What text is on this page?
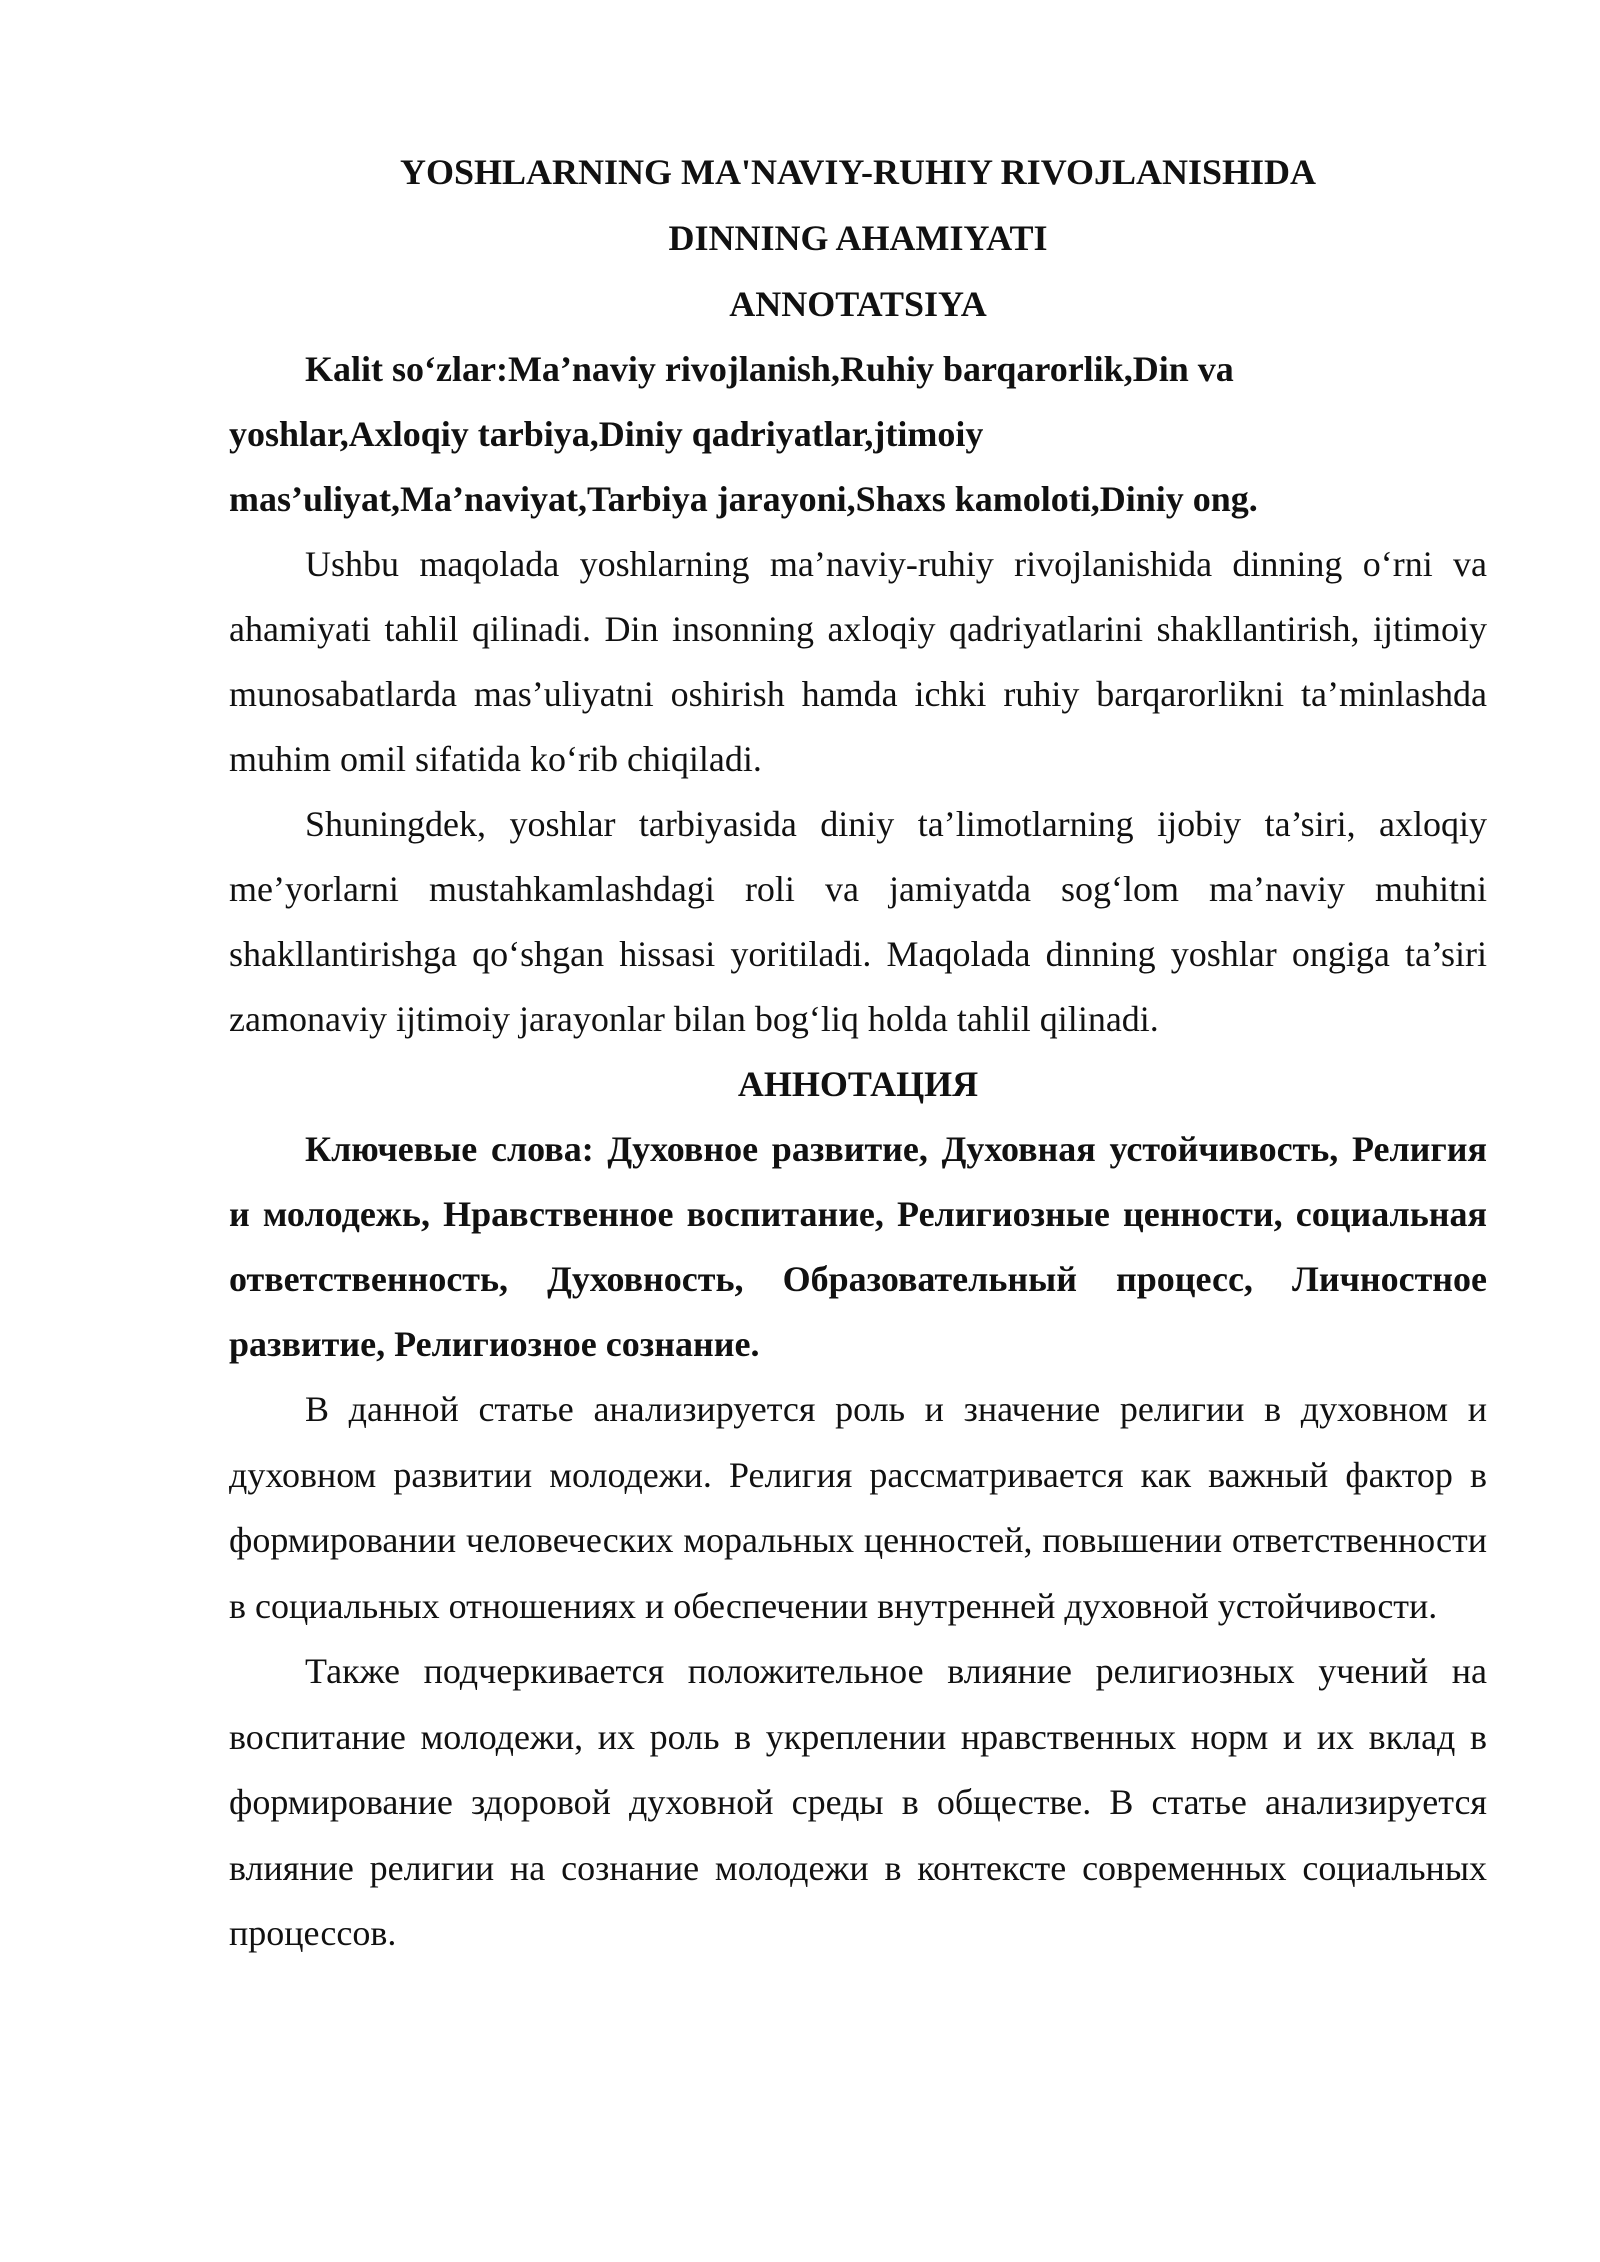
YOSHLARNING MA'NAVIY-RUHIY RIVOJLANISHIDA
DINNING AHAMIYATI
ANNOTATSIYA
Kalit so‘zlar:Ma’naviy rivojlanish,Ruhiy barqarorlik,Din va
yoshlar,Axloqiy tarbiya,Diniy qadriyatlar,jtimoiy
mas’uliyat,Ma’naviyat,Tarbiya jarayoni,Shaxs kamoloti,Diniy ong.

Ushbu maqolada yoshlarning ma’naviy-ruhiy rivojlanishida dinning o‘rni va ahamiyati tahlil qilinadi. Din insonning axloqiy qadriyatlarini shakllantirish, ijtimoiy munosabatlarda mas’uliyatni oshirish hamda ichki ruhiy barqarorlikni ta’minlashda muhim omil sifatida ko‘rib chiqiladi.

Shuningdek, yoshlar tarbiyasida diniy ta’limotlarning ijobiy ta’siri, axloqiy me’yorlarni mustahkamlashdagi roli va jamiyatda sog‘lom ma’naviy muhitni shakllantirishga qo‘shgan hissasi yoritiladi. Maqolada dinning yoshlar ongiga ta’siri zamonaviy ijtimoiy jarayonlar bilan bog‘liq holda tahlil qilinadi.

АННОТАЦИЯ

Ключевые слова: Духовное развитие, Духовная устойчивость, Религия и молодежь, Нравственное воспитание, Религиозные ценности, социальная ответственность, Духовность, Образовательный процесс, Личностное развитие, Религиозное сознание.

В данной статье анализируется роль и значение религии в духовном и духовном развитии молодежи. Религия рассматривается как важный фактор в формировании человеческих моральных ценностей, повышении ответственности в социальных отношениях и обеспечении внутренней духовной устойчивости.

Также подчеркивается положительное влияние религиозных учений на воспитание молодежи, их роль в укреплении нравственных норм и их вклад в формирование здоровой духовной среды в обществе. В статье анализируется влияние религии на сознание молодежи в контексте современных социальных процессов.
